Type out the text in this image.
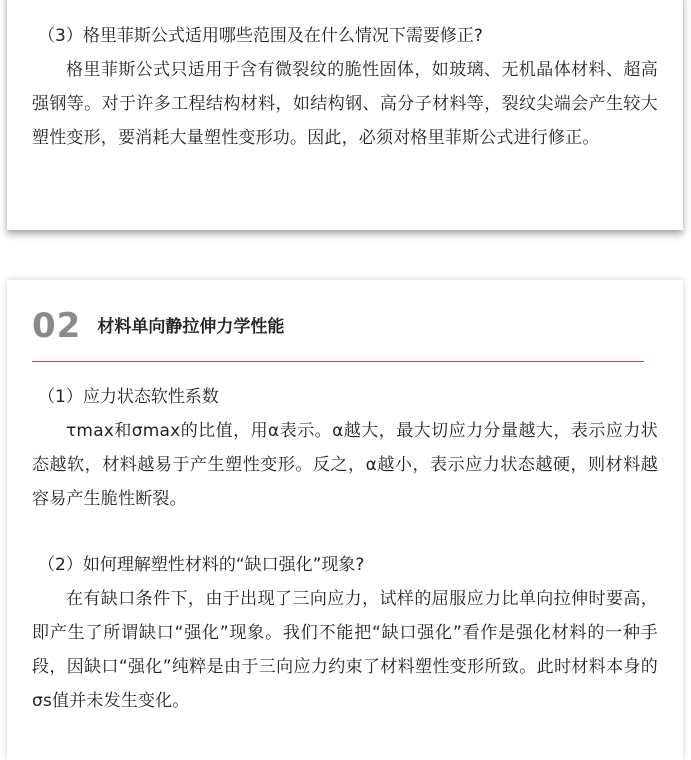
（3）格里菲斯公式适用哪些范围及在什么情况下需要修正?

格里菲斯公式只适用于含有微裂纹的脆性固体，如玻璃、无机晶体材料、超高强钢等。对于许多工程结构材料，如结构钢、高分子材料等，裂纹尖端会产生较大塑性变形，要消耗大量塑性变形功。因此，必须对格里菲斯公式进行修正。

02 材料单向静拉伸力学性能

（1）应力状态软性系数

τmax和σmax的比值，用α表示。α越大，最大切应力分量越大，表示应力状态越软，材料越易于产生塑性变形。反之，α越小，表示应力状态越硬，则材料越容易产生脆性断裂。

（2）如何理解塑性材料的“缺口强化”现象?

在有缺口条件下，由于出现了三向应力，试样的屈服应力比单向拉伸时要高，即产生了所谓缺口“强化”现象。我们不能把“缺口强化”看作是强化材料的一种手段，因缺口“强化”纯粹是由于三向应力约束了材料塑性变形所致。此时材料本身的σs值并未发生变化。
